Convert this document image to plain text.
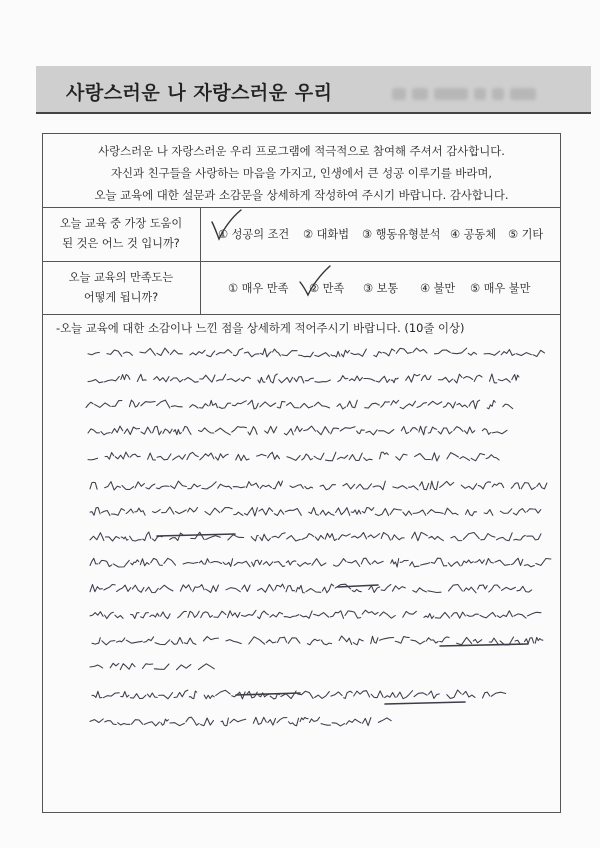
사랑스러운 나 자랑스러운 우리
사랑스러운 나 자랑스러운 우리 프로그램에 적극적으로 참여해 주셔서 감사합니다.
자신과 친구들을 사랑하는 마음을 가지고, 인생에서 큰 성공 이루기를 바라며,
오늘 교육에 대한 설문과 소감문을 상세하게 작성하여 주시기 바랍니다. 감사합니다.
오늘 교육 중 가장 도움이
된 것은 어느 것 입니까?
① 성공의 조건 ② 대화법 ③ 행동유형분석 ④ 공동체 ⑤ 기타
오늘 교육의 만족도는
어떻게 됩니까?
① 매우 만족 ② 만족 ③ 보통 ④ 불만 ⑤ 매우 불만
-오늘 교육에 대한 소감이나 느낀 점을 상세하게 적어주시기 바랍니다. (10줄 이상)
